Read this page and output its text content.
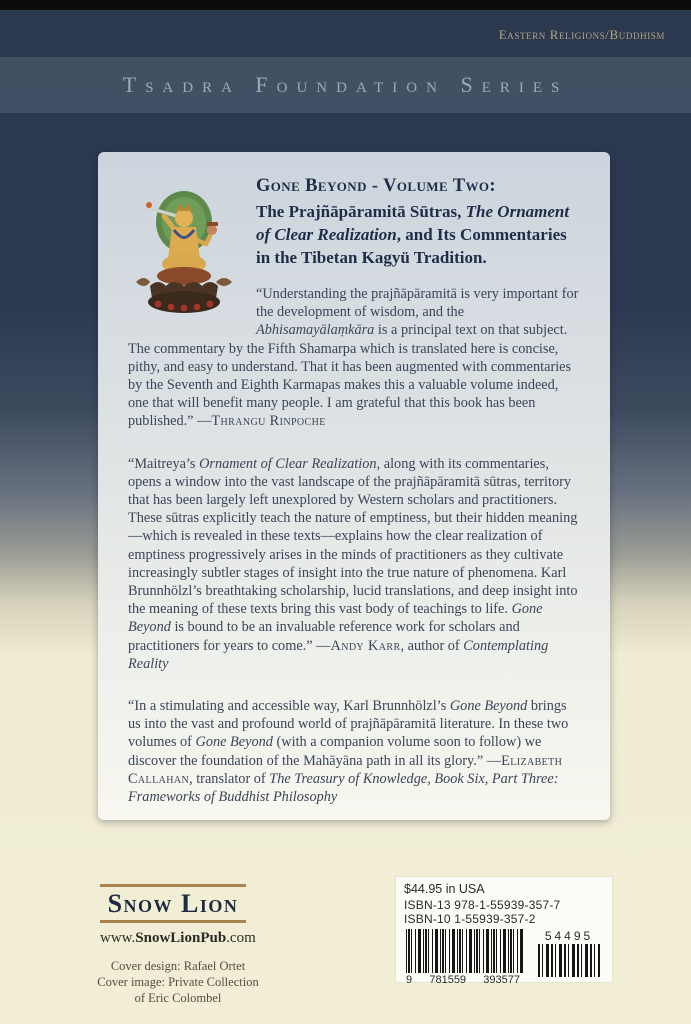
Eastern Religions/Buddhism
Tsadra Foundation Series
Gone Beyond - Volume Two:
The Prajñāpāramitā Sūtras, The Ornament of Clear Realization, and Its Commentaries in the Tibetan Kagyü Tradition.

“Understanding the prajñāpāramitā is very important for the development of wisdom, and the Abhisamayālaṃkāra is a principal text on that subject. The commentary by the Fifth Shamarpa which is translated here is concise, pithy, and easy to understand. That it has been augmented with commentaries by the Seventh and Eighth Karmapas makes this a valuable volume indeed, one that will benefit many people. I am grateful that this book has been published.” —Thrangu Rinpoche

“Maitreya’s Ornament of Clear Realization, along with its commentaries, opens a window into the vast landscape of the prajñāpāramitā sūtras, territory that has been largely left unexplored by Western scholars and practitioners. These sūtras explicitly teach the nature of emptiness, but their hidden meaning—which is revealed in these texts—explains how the clear realization of emptiness progressively arises in the minds of practitioners as they cultivate increasingly subtler stages of insight into the true nature of phenomena. Karl Brunnhölzl’s breathtaking scholarship, lucid translations, and deep insight into the meaning of these texts bring this vast body of teachings to life. Gone Beyond is bound to be an invaluable reference work for scholars and practitioners for years to come.” —Andy Karr, author of Contemplating Reality

“In a stimulating and accessible way, Karl Brunnhölzl’s Gone Beyond brings us into the vast and profound world of prajñāpāramitā literature. In these two volumes of Gone Beyond (with a companion volume soon to follow) we discover the foundation of the Mahāyāna path in all its glory.” —Elizabeth Callahan, translator of The Treasury of Knowledge, Book Six, Part Three: Frameworks of Buddhist Philosophy

Snow Lion
www.SnowLionPub.com
Cover design: Rafael Ortet
Cover image: Private Collection
of Eric Colombel
$44.95 in USA
ISBN-13 978-1-55939-357-7
ISBN-10 1-55939-357-2
9 781559 393577
54495
